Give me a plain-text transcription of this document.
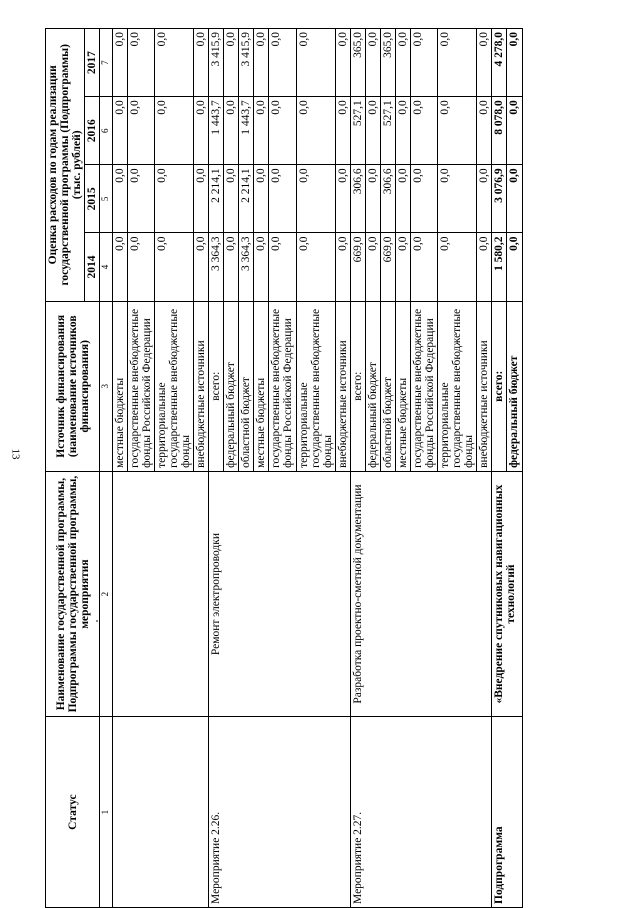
13
Статус	Наименование государственной программы, Подпрограммы государственной программы, мероприятия	Источник финансирования (наименование источников финансирования)	Оценка расходов по годам реализации государственной программы (Подпрограммы) (тыс. рублей)			
			2014	2015	2016	2017
1	2	3	4	5	6	7
		местные бюджеты	0,0	0,0	0,0	0,0
		государственные внебюджетные фонды Российской Федерации	0,0	0,0	0,0	0,0
		территориальные государственные внебюджетные фонды	0,0	0,0	0,0	0,0
		внебюджетные источники	0,0	0,0	0,0	0,0
Мероприятие 2.26.	Ремонт электропроводки	всего:	3 364,3	2 214,1	1 443,7	3 415,9
		федеральный бюджет	0,0	0,0	0,0	0,0
		областной бюджет	3 364,3	2 214,1	1 443,7	3 415,9
		местные бюджеты	0,0	0,0	0,0	0,0
		государственные внебюджетные фонды Российской Федерации	0,0	0,0	0,0	0,0
		территориальные государственные внебюджетные фонды	0,0	0,0	0,0	0,0
		внебюджетные источники	0,0	0,0	0,0	0,0
Мероприятие 2.27.	Разработка проектно-сметной документации	всего:	669,0	306,6	527,1	365,0
		федеральный бюджет	0,0	0,0	0,0	0,0
		областной бюджет	669,0	306,6	527,1	365,0
		местные бюджеты	0,0	0,0	0,0	0,0
		государственные внебюджетные фонды Российской Федерации	0,0	0,0	0,0	0,0
		территориальные государственные внебюджетные фонды	0,0	0,0	0,0	0,0
		внебюджетные источники	0,0	0,0	0,0	0,0
Подпрограмма	«Внедрение спутниковых навигационных технологий	всего:	1 580,2	3 076,9	8 078,0	4 278,0
		федеральный бюджет	0,0	0,0	0,0	0,0
